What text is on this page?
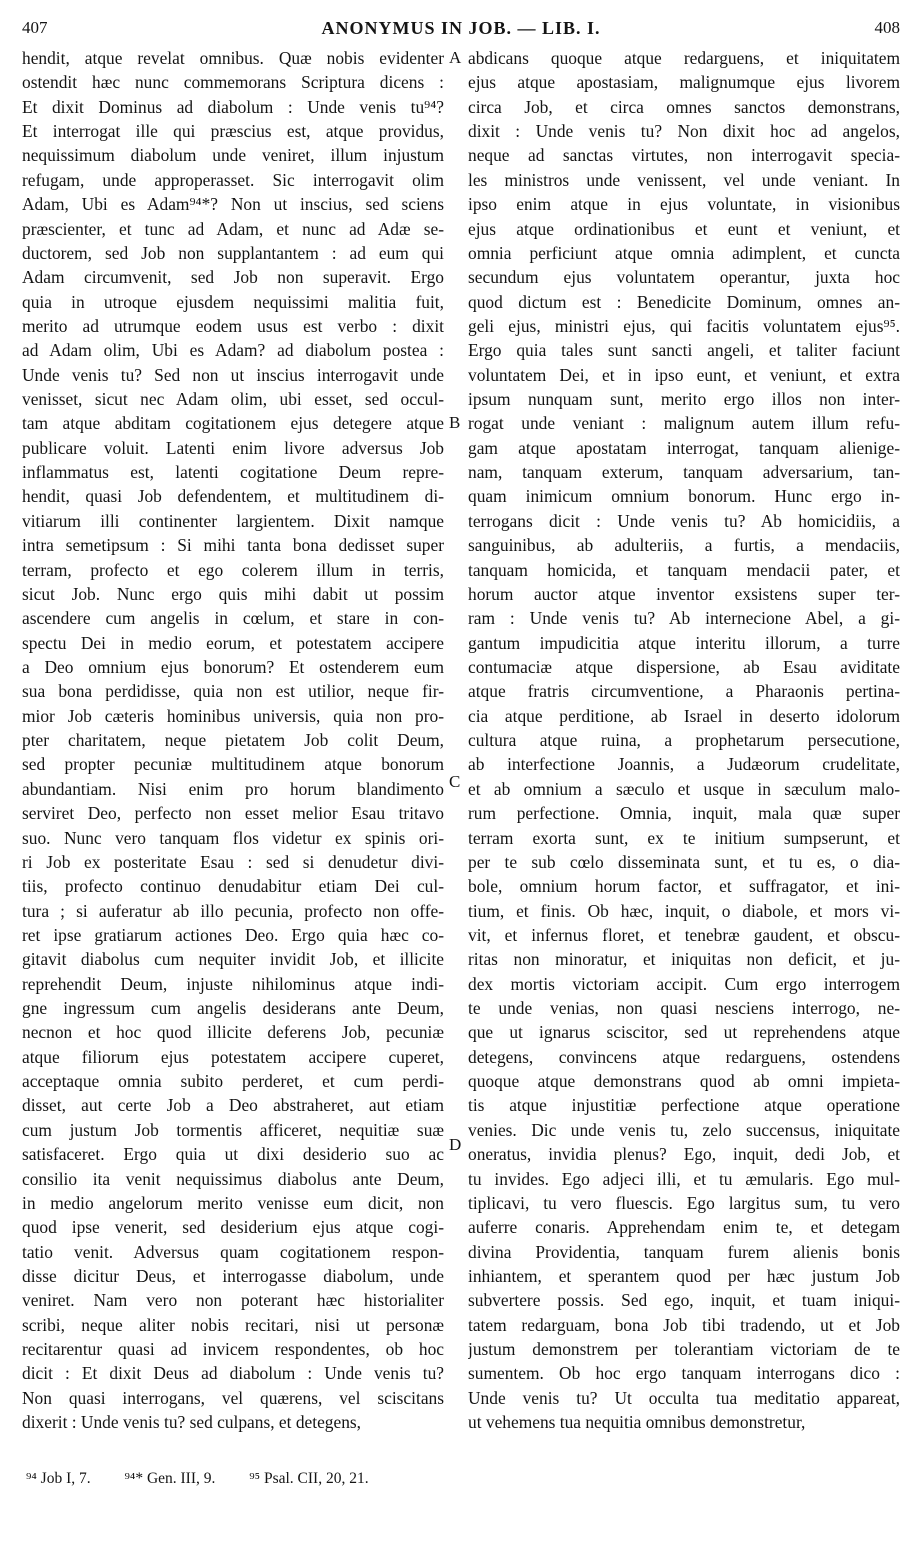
407	ANONYMUS IN JOB. — LIB. I.	408
hendit, atque revelat omnibus. Quæ nobis evidenter
ostendit hæc nunc commemorans Scriptura dicens :
Et dixit Dominus ad diabolum : Unde venis tu⁹⁴?
Et interrogat ille qui præscius est, atque providus,
nequissimum diabolum unde veniret, illum injustum
refugam, unde approperasset. Sic interrogavit olim
Adam, Ubi es Adam⁹⁴*? Non ut inscius, sed sciens
præscienter, et tunc ad Adam, et nunc ad Adæ se-
ductorem, sed Job non supplantantem : ad eum qui
Adam circumvenit, sed Job non superavit. Ergo
quia in utroque ejusdem nequissimi malitia fuit,
merito ad utrumque eodem usus est verbo : dixit
ad Adam olim, Ubi es Adam? ad diabolum postea :
Unde venis tu? Sed non ut inscius interrogavit unde
venisset, sicut nec Adam olim, ubi esset, sed occul-
tam atque abditam cogitationem ejus detegere atque
publicare voluit. Latenti enim livore adversus Job
inflammatus est, latenti cogitatione Deum repre-
hendit, quasi Job defendentem, et multitudinem di-
vitiarum illi continenter largientem. Dixit namque
intra semetipsum : Si mihi tanta bona dedisset super
terram, profecto et ego colerem illum in terris,
sicut Job. Nunc ergo quis mihi dabit ut possim
ascendere cum angelis in cœlum, et stare in con-
spectu Dei in medio eorum, et potestatem accipere
a Deo omnium ejus bonorum? Et ostenderem eum
sua bona perdidisse, quia non est utilior, neque fir-
mior Job cæteris hominibus universis, quia non pro-
pter charitatem, neque pietatem Job colit Deum,
sed propter pecuniæ multitudinem atque bonorum
abundantiam. Nisi enim pro horum blandimento
serviret Deo, perfecto non esset melior Esau tritavo
suo. Nunc vero tanquam flos videtur ex spinis ori-
ri Job ex posteritate Esau : sed si denudetur divi-
tiis, profecto continuo denudabitur etiam Dei cul-
tura ; si auferatur ab illo pecunia, profecto non offe-
ret ipse gratiarum actiones Deo. Ergo quia hæc co-
gitavit diabolus cum nequiter invidit Job, et illicite
reprehendit Deum, injuste nihilominus atque indi-
gne ingressum cum angelis desiderans ante Deum,
necnon et hoc quod illicite deferens Job, pecuniæ
atque filiorum ejus potestatem accipere cuperet,
acceptaque omnia subito perderet, et cum perdi-
disset, aut certe Job a Deo abstraheret, aut etiam
cum justum Job tormentis afficeret, nequitiæ suæ
satisfaceret. Ergo quia ut dixi desiderio suo ac
consilio ita venit nequissimus diabolus ante Deum,
in medio angelorum merito venisse eum dicit, non
quod ipse venerit, sed desiderium ejus atque cogi-
tatio venit. Adversus quam cogitationem respon-
disse dicitur Deus, et interrogasse diabolum, unde
veniret. Nam vero non poterant hæc historialiter
scribi, neque aliter nobis recitari, nisi ut personæ
recitarentur quasi ad invicem respondentes, ob hoc
dicit : Et dixit Deus ad diabolum : Unde venis tu?
Non quasi interrogans, vel quærens, vel sciscitans
dixerit : Unde venis tu? sed culpans, et detegens,
abdicans quoque atque redarguens, et iniquitatem
ejus atque apostasiam, malignumque ejus livorem
circa Job, et circa omnes sanctos demonstrans,
dixit : Unde venis tu? Non dixit hoc ad angelos,
neque ad sanctas virtutes, non interrogavit specia-
les ministros unde venissent, vel unde veniant. In
ipso enim atque in ejus voluntate, in visionibus
ejus atque ordinationibus et eunt et veniunt, et
omnia perficiunt atque omnia adimplent, et cuncta
secundum ejus voluntatem operantur, juxta hoc
quod dictum est : Benedicite Dominum, omnes an-
geli ejus, ministri ejus, qui facitis voluntatem ejus⁹⁵.
Ergo quia tales sunt sancti angeli, et taliter faciunt
voluntatem Dei, et in ipso eunt, et veniunt, et extra
ipsum nunquam sunt, merito ergo illos non inter-
rogat unde veniant : malignum autem illum refu-
gam atque apostatam interrogat, tanquam alienige-
nam, tanquam exterum, tanquam adversarium, tan-
quam inimicum omnium bonorum. Hunc ergo in-
terrogans dicit : Unde venis tu? Ab homicidiis, a
sanguinibus, ab adulteriis, a furtis, a mendaciis,
tanquam homicida, et tanquam mendacii pater, et
horum auctor atque inventor exsistens super ter-
ram : Unde venis tu? Ab internecione Abel, a gi-
gantum impudicitia atque interitu illorum, a turre
contumaciæ atque dispersione, ab Esau aviditate
atque fratris circumventione, a Pharaonis pertina-
cia atque perditione, ab Israel in deserto idolorum
cultura atque ruina, a prophetarum persecutione,
ab interfectione Joannis, a Judæorum crudelitate,
et ab omnium a sæculo et usque in sæculum malo-
rum perfectione. Omnia, inquit, mala quæ super
terram exorta sunt, ex te initium sumpserunt, et
per te sub cœlo disseminata sunt, et tu es, o dia-
bole, omnium horum factor, et suffragator, et ini-
tium, et finis. Ob hæc, inquit, o diabole, et mors vi-
vit, et infernus floret, et tenebræ gaudent, et obscu-
ritas non minoratur, et iniquitas non deficit, et ju-
dex mortis victoriam accipit. Cum ergo interrogem
te unde venias, non quasi nesciens interrogo, ne-
que ut ignarus sciscitor, sed ut reprehendens atque
detegens, convincens atque redarguens, ostendens
quoque atque demonstrans quod ab omni impieta-
tis atque injustitiæ perfectione atque operatione
venies. Dic unde venis tu, zelo succensus, iniquitate
oneratus, invidia plenus? Ego, inquit, dedi Job, et
tu invides. Ego adjeci illi, et tu æmularis. Ego mul-
tiplicavi, tu vero fluescis. Ego largitus sum, tu vero
auferre conaris. Apprehendam enim te, et detegam
divina Providentia, tanquam furem alienis bonis
inhiantem, et sperantem quod per hæc justum Job
subvertere possis. Sed ego, inquit, et tuam iniqui-
tatem redarguam, bona Job tibi tradendo, ut et Job
justum demonstrem per tolerantiam victoriam de te
sumentem. Ob hoc ergo tanquam interrogans dico :
Unde venis tu? Ut occulta tua meditatio appareat,
ut vehemens tua nequitia omnibus demonstretur,
A
B
C
D
⁹⁴ Job I, 7. ⁹⁴* Gen. III, 9. ⁹⁵ Psal. CII, 20, 21.
